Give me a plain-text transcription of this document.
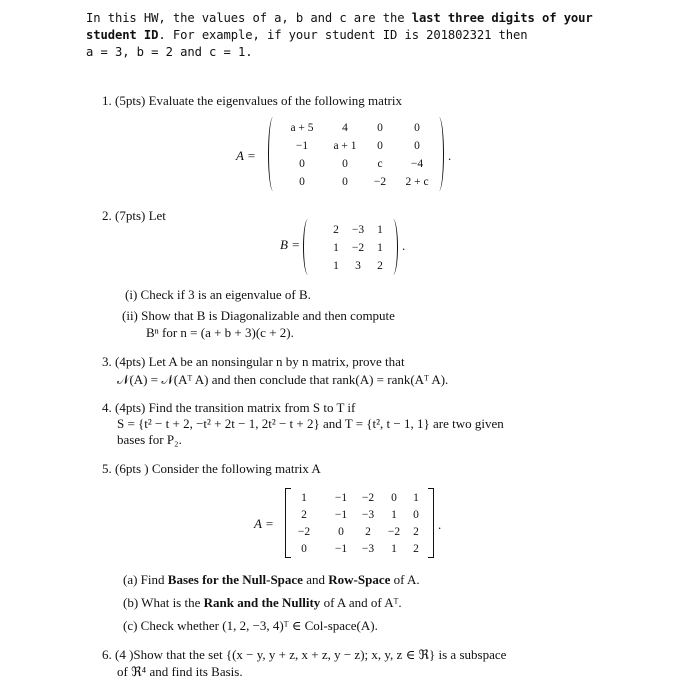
In this HW, the values of a, b and c are the last three digits of your
student ID. For example, if your student ID is 201802321 then
a = 3, b = 2 and c = 1.
1. (5pts) Evaluate the eigenvalues of the following matrix
A =
a + 5	4	0	0
−1	a + 1	0	0
0	0	c	−4
0	0	−2	2 + c
.
2. (7pts) Let
B =
2	−3	1
1	−2	1
1	3	2
.
(i) Check if 3 is an eigenvalue of B.
(ii) Show that B is Diagonalizable and then compute
Bⁿ for n = (a + b + 3)(c + 2).
3. (4pts) Let A be an nonsingular n by n matrix, prove that
𝒩(A) = 𝒩(Aᵀ A) and then conclude that rank(A) = rank(Aᵀ A).
4. (4pts) Find the transition matrix from S to T if
S = {t² − t + 2, −t² + 2t − 1, 2t² − t + 2} and T = {t², t − 1, 1} are two given
bases for P₂.
5. (6pts ) Consider the following matrix A
A =
1	−1	−2	0	1
2	−1	−3	1	0
−2	0	2	−2	2
0	−1	−3	1	2
.
(a) Find Bases for the Null-Space and Row-Space of A.
(b) What is the Rank and the Nullity of A and of Aᵀ.
(c) Check whether (1, 2, −3, 4)ᵀ ∈ Col-space(A).
6. (4 )Show that the set {(x − y, y + z, x + z, y − z); x, y, z ∈ ℜ} is a subspace
of ℜ⁴ and find its Basis.
